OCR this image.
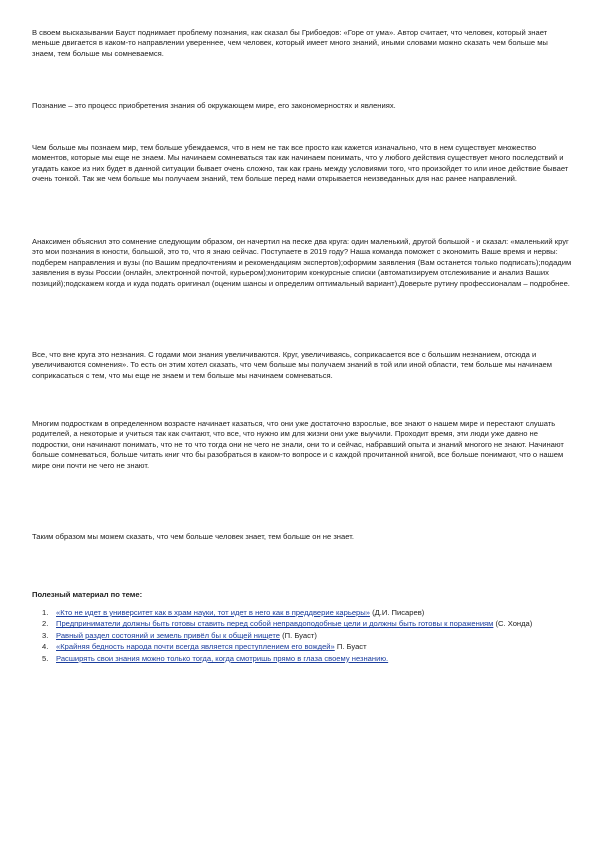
В своем высказывании Бауст поднимает проблему познания, как сказал бы Грибоедов: «Горе от ума». Автор считает, что человек, который знает меньше двигается в каком-то направлении увереннее, чем человек, который имеет много знаний, иными словами можно сказать чем больше мы знаем, тем больше мы сомневаемся.

Познание – это процесс приобретения знания об окружающем мире, его закономерностях и явлениях.

Чем больше мы познаем мир, тем больше убеждаемся, что в нем не так все просто как кажется изначально, что в нем существует множество моментов, которые мы еще не знаем. Мы начинаем сомневаться так как начинаем понимать, что у любого действия существует много последствий и угадать какое из них будет в данной ситуации бывает очень сложно, так как грань между условиями того, что произойдет то или иное действие бывает очень тонкой. Так же чем больше мы получаем знаний, тем больше перед нами открывается неизведанных для нас ранее направлений.

Анаксимен объяснил это сомнение следующим образом, он начертил на песке два круга: один маленький, другой большой - и сказал: «маленький круг это мои познания в юности, большой, это то, что я знаю сейчас. Поступаете в 2019 году? Наша команда поможет с экономить Ваше время и нервы: подберем направления и вузы (по Вашим предпочтениям и рекомендациям экспертов);оформим заявления (Вам останется только подписать);подадим заявления в вузы России (онлайн, электронной почтой, курьером);мониторим конкурсные списки (автоматизируем отслеживание и анализ Ваших позиций);подскажем когда и куда подать оригинал (оценим шансы и определим оптимальный вариант).Доверьте рутину профессионалам – подробнее.

Все, что вне круга это незнания. С годами мои знания увеличиваются. Круг, увеличиваясь, соприкасается все с большим незнанием, отсюда и увеличиваются сомнения». То есть он этим хотел сказать, что чем больше мы получаем знаний в той или иной области, тем больше мы начинаем соприкасаться с тем, что мы еще не знаем и тем больше мы начинаем сомневаться.

Многим подросткам в определенном возрасте начинает казаться, что они уже достаточно взрослые, все знают о нашем мире и перестают слушать родителей, а некоторые и учиться так как считают, что все, что нужно им для жизни они уже выучили. Проходит время, эти люди уже давно не подростки, они начинают понимать, что не то что тогда они не чего не знали, они то и сейчас, набравший опыта и знаний многого не знают. Начинают больше сомневаться, больше читать книг что бы разобраться в каком-то вопросе и с каждой прочитанной книгой, все больше понимают, что о нашем мире они почти не чего не знают.

Таким образом мы можем сказать, что чем больше человек знает, тем больше он не знает.

Полезный материал по теме:

1. «Кто не идет в университет как в храм науки, тот идет в него как в преддверие карьеры» (Д.И. Писарев)
2. Предприниматели должны быть готовы ставить перед собой неправдоподобные цели и должны быть готовы к поражениям (С. Хонда)
3. Равный раздел состояний и земель привёл бы к общей нищете (П. Буаст)
4. «Крайняя бедность народа почти всегда является преступлением его вождей» П. Буаст
5. Расширять свои знания можно только тогда, когда смотришь прямо в глаза своему незнанию.
